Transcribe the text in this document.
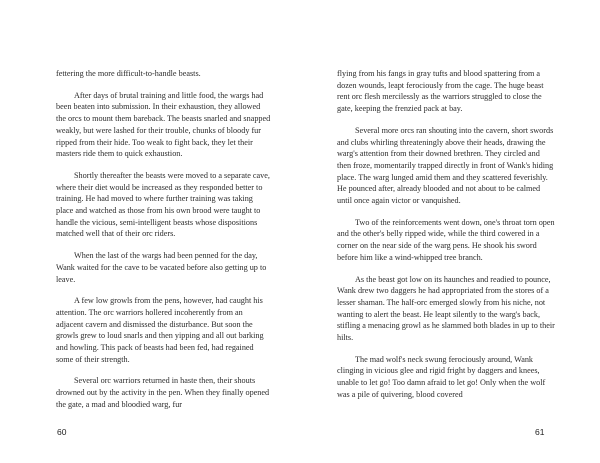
fettering the more difficult-to-handle beasts.

After days of brutal training and little food, the wargs had been beaten into submission. In their exhaustion, they allowed the orcs to mount them bareback. The beasts snarled and snapped weakly, but were lashed for their trouble, chunks of bloody fur ripped from their hide. Too weak to fight back, they let their masters ride them to quick exhaustion.

Shortly thereafter the beasts were moved to a separate cave, where their diet would be increased as they responded better to training. He had moved to where further training was taking place and watched as those from his own brood were taught to handle the vicious, semi-intelligent beasts whose dispositions matched well that of their orc riders.

When the last of the wargs had been penned for the day, Wank waited for the cave to be vacated before also getting up to leave.

A few low growls from the pens, however, had caught his attention. The orc warriors hollered incoherently from an adjacent cavern and dismissed the disturbance. But soon the growls grew to loud snarls and then yipping and all out barking and howling. This pack of beasts had been fed, had regained some of their strength.

Several orc warriors returned in haste then, their shouts drowned out by the activity in the pen. When they finally opened the gate, a mad and bloodied warg, fur

60

flying from his fangs in gray tufts and blood spattering from a dozen wounds, leapt ferociously from the cage. The huge beast rent orc flesh mercilessly as the warriors struggled to close the gate, keeping the frenzied pack at bay.

Several more orcs ran shouting into the cavern, short swords and clubs whirling threateningly above their heads, drawing the warg's attention from their downed brethren. They circled and then froze, momentarily trapped directly in front of Wank's hiding place. The warg lunged amid them and they scattered feverishly. He pounced after, already blooded and not about to be calmed until once again victor or vanquished.

Two of the reinforcements went down, one's throat torn open and the other's belly ripped wide, while the third cowered in a corner on the near side of the warg pens. He shook his sword before him like a wind-whipped tree branch.

As the beast got low on its haunches and readied to pounce, Wank drew two daggers he had appropriated from the stores of a lesser shaman. The half-orc emerged slowly from his niche, not wanting to alert the beast. He leapt silently to the warg's back, stifling a menacing growl as he slammed both blades in up to their hilts.

The mad wolf's neck swung ferociously around, Wank clinging in vicious glee and rigid fright by daggers and knees, unable to let go! Too damn afraid to let go! Only when the wolf was a pile of quivering, blood covered

61
